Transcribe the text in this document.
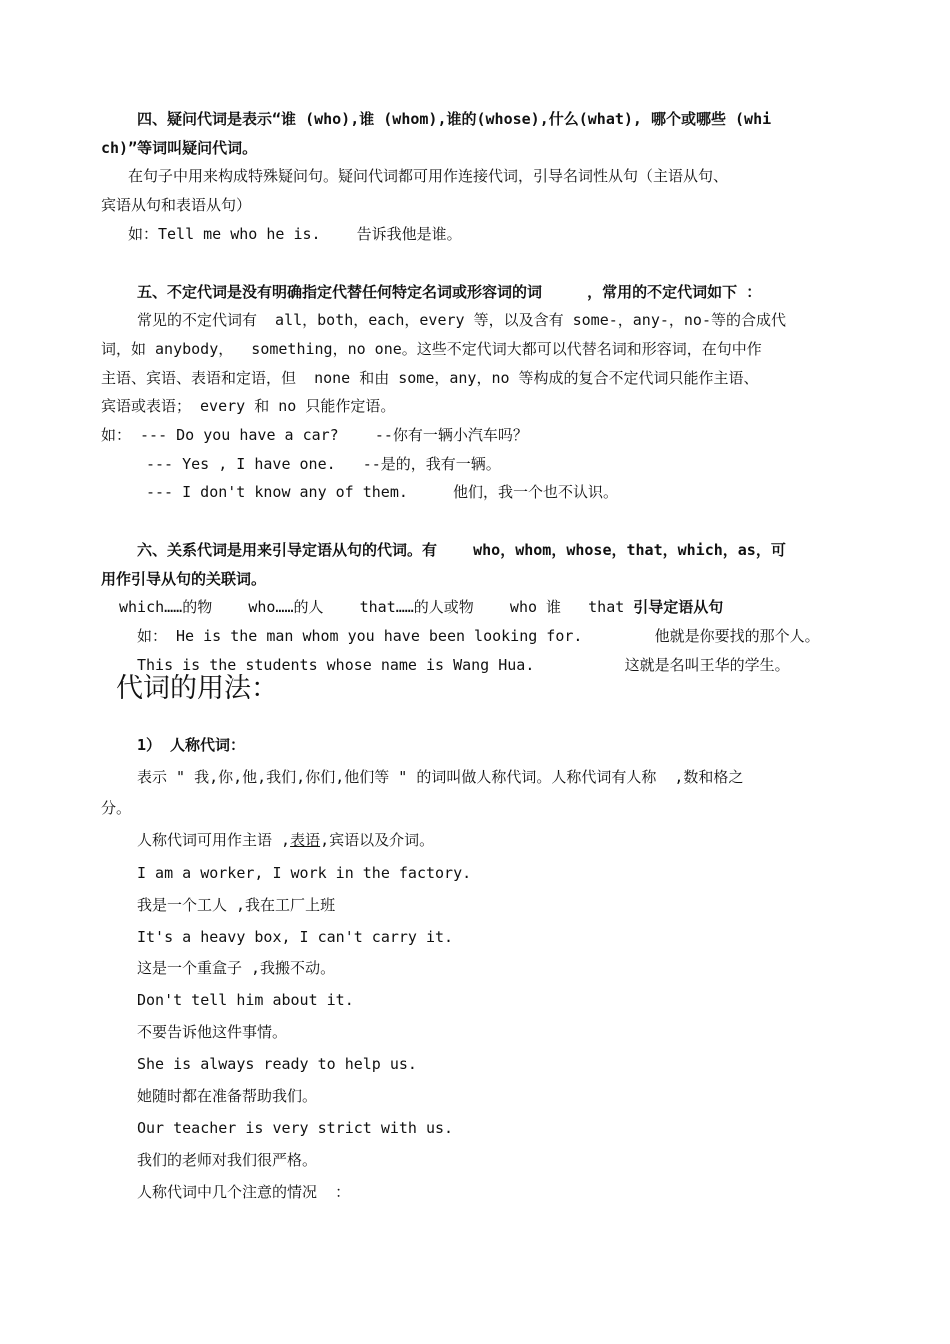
四、疑问代词是表示“谁 (who),谁 (whom),谁的(whose),什么(what), 哪个或哪些 (whi
ch)”等词叫疑问代词。
在句子中用来构成特殊疑问句。疑问代词都可用作连接代词，引导名词性从句（主语从句、
宾语从句和表语从句）
如：Tell me who he is.    告诉我他是谁。
五、不定代词是没有明确指定代替任何特定名词或形容词的词     ，常用的不定代词如下 ：
常见的不定代词有  all，both，each，every 等，以及含有 some-，any-，no-等的合成代
词，如 anybody，  something，no one。这些不定代词大都可以代替名词和形容词，在句中作
主语、宾语、表语和定语，但  none 和由 some，any，no 等构成的复合不定代词只能作主语、
宾语或表语； every 和 no 只能作定语。
如： --- Do you have a car?    --你有一辆小汽车吗？
--- Yes , I have one.   --是的，我有一辆。
--- I don't know any of them.     他们，我一个也不认识。
六、关系代词是用来引导定语从句的代词。有    who，whom，whose，that，which，as，可
用作引导从句的关联词。
which……的物    who……的人    that……的人或物    who 谁   that 引导定语从句
如： He is the man whom you have been looking for.        他就是你要找的那个人。
This is the students whose name is Wang Hua.          这就是名叫王华的学生。
代词的用法：
1） 人称代词：
表示 " 我,你,他,我们,你们,他们等 " 的词叫做人称代词。人称代词有人称  ,数和格之
分。
人称代词可用作主语 ,表语,宾语以及介词。
I am a worker, I work in the factory.
我是一个工人 ,我在工厂上班
It's a heavy box, I can't carry it.
这是一个重盒子 ,我搬不动。
Don't tell him about it.
不要告诉他这件事情。
She is always ready to help us.
她随时都在准备帮助我们。
Our teacher is very strict with us.
我们的老师对我们很严格。
人称代词中几个注意的情况  ：
